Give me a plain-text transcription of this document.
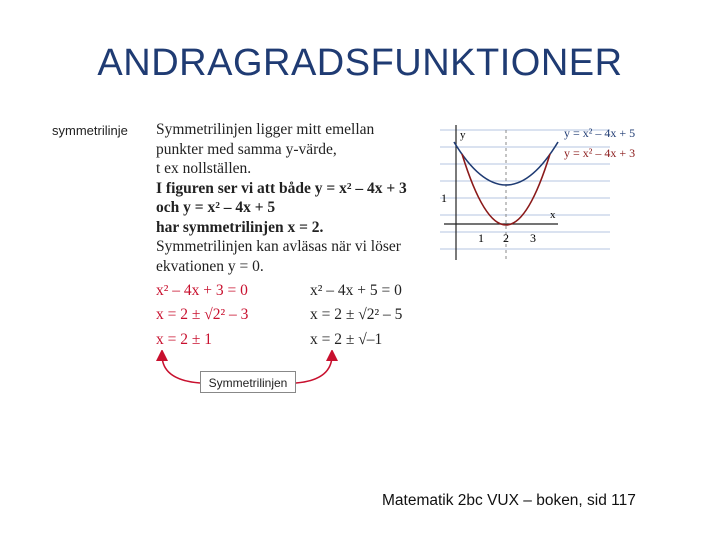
ANDRAGRADSFUNKTIONER
symmetrilinje Symmetrilinjen ligger mitt emellan
punkter med samma y-värde,
t ex nollställen.
I figuren ser vi att både y = x² – 4x + 3
och y = x² – 4x + 5
har symmetrilinjen x = 2.
Symmetrilinjen kan avläsas när vi löser
ekvationen y = 0.
x² – 4x + 3 = 0
x = 2 ± √2² – 3
x = 2 ± 1
x² – 4x + 5 = 0
x = 2 ± √2² – 5
x = 2 ± √–1
Symmetrilinjen
y
x
1 2 3
1
y = x² – 4x + 5
y = x² – 4x + 3
Matematik 2bc VUX – boken, sid 117
